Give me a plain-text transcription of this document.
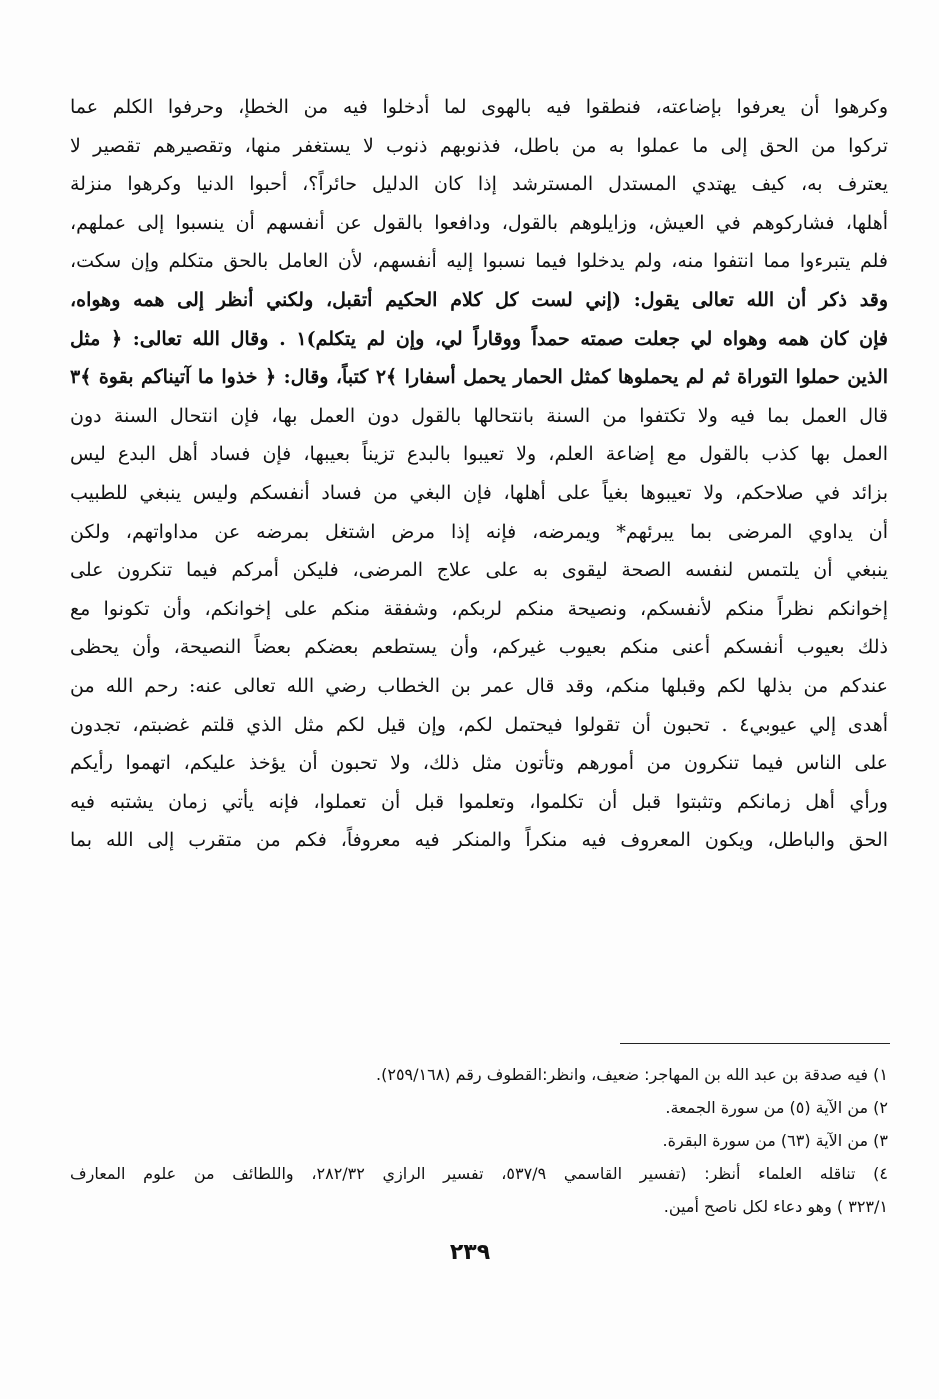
وكرهوا أن يعرفوا بإضاعته، فنطقوا فيه بالهوى لما أدخلوا فيه من الخطإ، وحرفوا الكلم عما
تركوا من الحق إلى ما عملوا به من باطل، فذنوبهم ذنوب لا يستغفر منها، وتقصيرهم تقصير لا
يعترف به، كيف يهتدي المستدل المسترشد إذا كان الدليل حائراً؟، أحبوا الدنيا وكرهوا منزلة
أهلها، فشاركوهم في العيش، وزايلوهم بالقول، ودافعوا بالقول عن أنفسهم أن ينسبوا إلى عملهم،
فلم يتبرءوا مما انتفوا منه، ولم يدخلوا فيما نسبوا إليه أنفسهم، لأن العامل بالحق متكلم وإن سكت،
وقد ذكر أن الله تعالى يقول: (إني لست كل كلام الحكيم أتقبل، ولكني أنظر إلى همه وهواه،
فإن كان همه وهواه لي جعلت صمته حمداً ووقاراً لي، وإن لم يتكلم)١ . وقال الله تعالى: ﴿ مثل
الذين حملوا التوراة ثم لم يحملوها كمثل الحمار يحمل أسفارا ﴾٢ كتباً، وقال: ﴿ خذوا ما آتيناكم بقوة ﴾٣
قال العمل بما فيه ولا تكتفوا من السنة بانتحالها بالقول دون العمل بها، فإن انتحال السنة دون
العمل بها كذب بالقول مع إضاعة العلم، ولا تعيبوا بالبدع تزيناً بعيبها، فإن فساد أهل البدع ليس
بزائد في صلاحكم، ولا تعيبوها بغياً على أهلها، فإن البغي من فساد أنفسكم وليس ينبغي للطبيب
أن يداوي المرضى بما يبرئهم* ويمرضه، فإنه إذا مرض اشتغل بمرضه عن مداواتهم، ولكن
ينبغي أن يلتمس لنفسه الصحة ليقوى به على علاج المرضى، فليكن أمركم فيما تنكرون على
إخوانكم نظراً منكم لأنفسكم، ونصيحة منكم لربكم، وشفقة منكم على إخوانكم، وأن تكونوا مع
ذلك بعيوب أنفسكم أعنى منكم بعيوب غيركم، وأن يستطعم بعضكم بعضاً النصيحة، وأن يحظى
عندكم من بذلها لكم وقبلها منكم، وقد قال عمر بن الخطاب رضي الله تعالى عنه: رحم الله من
أهدى إلي عيوبي٤ . تحبون أن تقولوا فيحتمل لكم، وإن قيل لكم مثل الذي قلتم غضبتم، تجدون
على الناس فيما تنكرون من أمورهم وتأتون مثل ذلك، ولا تحبون أن يؤخذ عليكم، اتهموا رأيكم
ورأي أهل زمانكم وتثبتوا قبل أن تكلموا، وتعلموا قبل أن تعملوا، فإنه يأتي زمان يشتبه فيه
الحق والباطل، ويكون المعروف فيه منكراً والمنكر فيه معروفاً، فكم من متقرب إلى الله بما
١) فيه صدقة بن عبد الله بن المهاجر: ضعيف، وانظر:القطوف رقم (٢٥٩/١٦٨).
٢) من الآية (٥) من سورة الجمعة.
٣) من الآية (٦٣) من سورة البقرة.
٤) تناقله العلماء أنظر: (تفسير القاسمي ٥٣٧/٩، تفسير الرازي ٢٨٢/٣٢، واللطائف من علوم المعارف
٣٢٣/١ ) وهو دعاء لكل ناصح أمين.
٢٣٩
